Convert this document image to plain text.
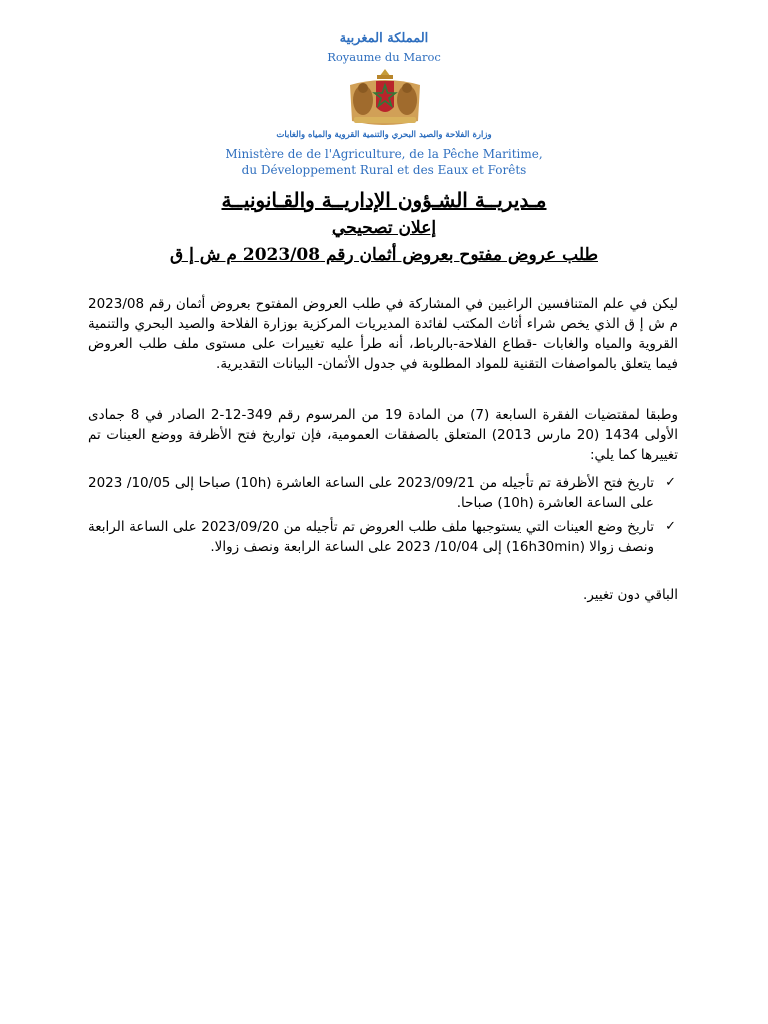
المملكة المغربية
Royaume du Maroc
وزارة الفلاحة والصيد البحري والتنمية القروية والمياه والغابات
Ministère de de l'Agriculture, de la Pêche Maritime,
du Développement Rural et des Eaux et Forêts
مـديريــة الشـؤون الإداريــة والقـانونيــة
إعلان تصحيحي
طلب عروض مفتوح بعروض أثمان رقم 2023/08 م ش إ ق
ليكن في علم المتنافسين الراغبين في المشاركة في طلب العروض المفتوح بعروض أثمان رقم 2023/08 م ش إ ق الذي يخص شراء أثاث المكتب لفائدة المديريات المركزية بوزارة الفلاحة والصيد البحري والتنمية القروية والمياه والغابات -قطاع الفلاحة-بالرباط، أنه طرأ عليه تغييرات على مستوى ملف طلب العروض فيما يتعلق بالمواصفات التقنية للمواد المطلوبة في جدول الأثمان- البيانات التقديرية.
وطبقا لمقتضيات الفقرة السابعة (7) من المادة 19 من المرسوم رقم 349-12-2 الصادر في 8 جمادى الأولى 1434 (20 مارس 2013) المتعلق بالصفقات العمومية، فإن تواريخ فتح الأظرفة ووضع العينات تم تغييرها كما يلي:
✓
تاريخ فتح الأظرفة تم تأجيله من 2023/09/21 على الساعة العاشرة (10h) صباحا إلى 10/05/ 2023 على الساعة العاشرة (10h) صباحا.
✓
تاريخ وضع العينات التي يستوجبها ملف طلب العروض تم تأجيله من 2023/09/20 على الساعة الرابعة ونصف زوالا (16h30min) إلى 10/04/ 2023 على الساعة الرابعة ونصف زوالا.
الباقي دون تغيير.
